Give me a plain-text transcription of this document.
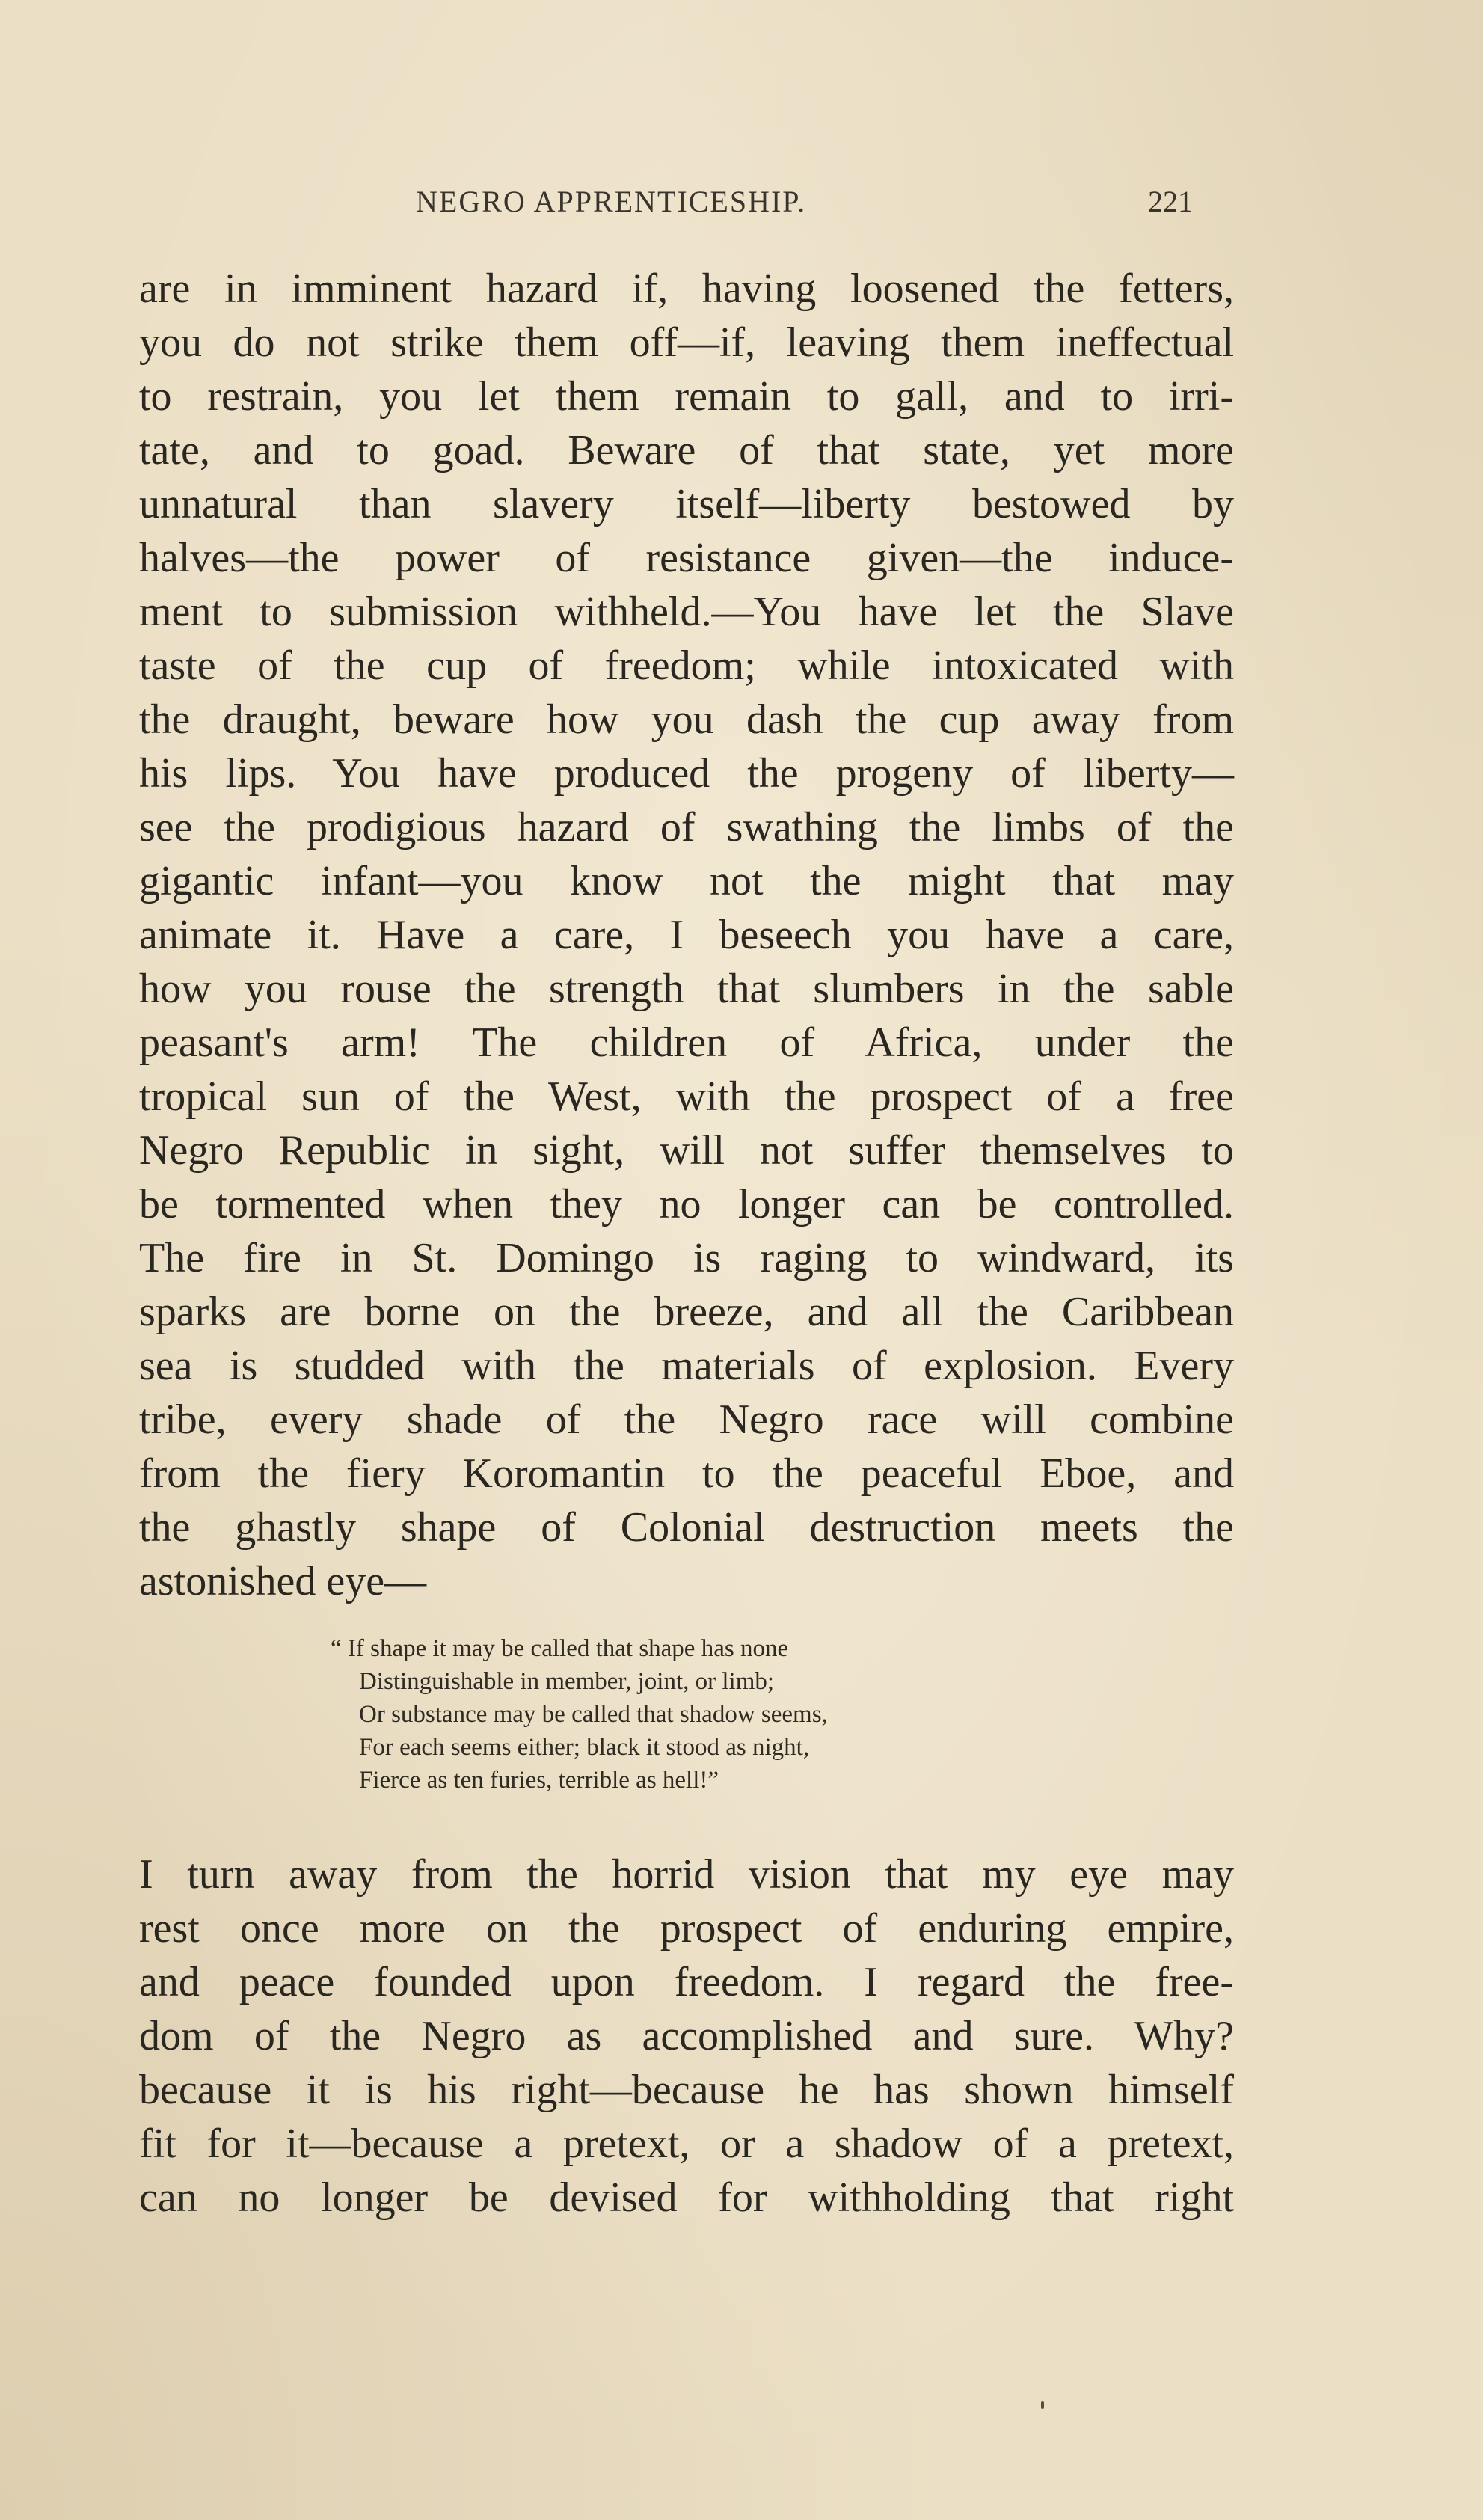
NEGRO APPRENTICESHIP.	221
are in imminent hazard if, having loosened the fetters,
you do not strike them off—if, leaving them ineffectual
to restrain, you let them remain to gall, and to irri-
tate, and to goad. Beware of that state, yet more
unnatural than slavery itself—liberty bestowed by
halves—the power of resistance given—the induce-
ment to submission withheld.—You have let the Slave
taste of the cup of freedom; while intoxicated with
the draught, beware how you dash the cup away from
his lips. You have produced the progeny of liberty—
see the prodigious hazard of swathing the limbs of the
gigantic infant—you know not the might that may
animate it. Have a care, I beseech you have a care,
how you rouse the strength that slumbers in the sable
peasant's arm! The children of Africa, under the
tropical sun of the West, with the prospect of a free
Negro Republic in sight, will not suffer themselves to
be tormented when they no longer can be controlled.
The fire in St. Domingo is raging to windward, its
sparks are borne on the breeze, and all the Caribbean
sea is studded with the materials of explosion. Every
tribe, every shade of the Negro race will combine
from the fiery Koromantin to the peaceful Eboe, and
the ghastly shape of Colonial destruction meets the
astonished eye—
“ If shape it may be called that shape has none
Distinguishable in member, joint, or limb;
Or substance may be called that shadow seems,
For each seems either; black it stood as night,
Fierce as ten furies, terrible as hell!”
I turn away from the horrid vision that my eye may
rest once more on the prospect of enduring empire,
and peace founded upon freedom. I regard the free-
dom of the Negro as accomplished and sure. Why?
because it is his right—because he has shown himself
fit for it—because a pretext, or a shadow of a pretext,
can no longer be devised for withholding that right
